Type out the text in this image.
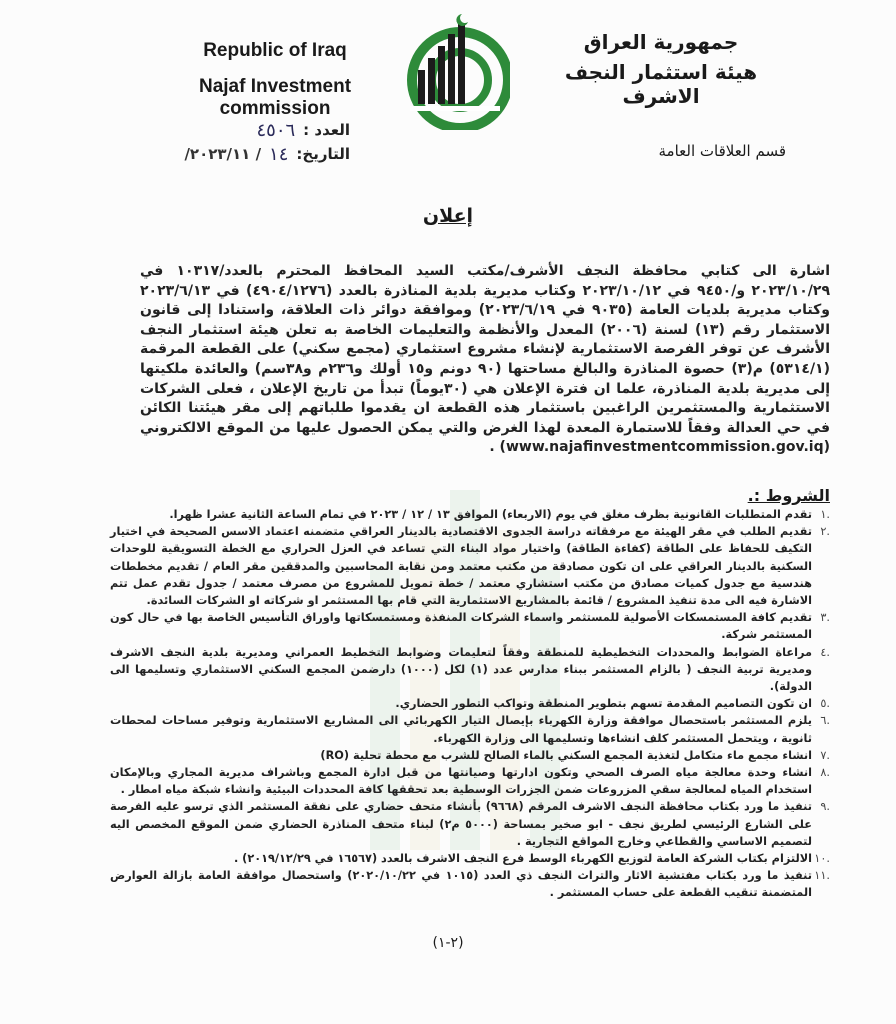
Republic of Iraq
Najaf Investment commission
جمهورية العراق
هيئة استثمار النجف الاشرف
قسم العلاقات العامة
العدد :
٤٥٠٦
التاريخ:
١٤
/ ٢٠٢٣/١١/
إعلان
اشارة الى كتابي محافظة النجف الأشرف/مكتب السيد المحافظ المحترم بالعدد/١٠٣١٧ في ٢٠٢٣/١٠/٢٩ و/٩٤٥٠ في ٢٠٢٣/١٠/١٢ وكتاب مديرية بلدية المناذرة بالعدد (٤٩٠٤/١٢٧٦) في ٢٠٢٣/٦/١٣ وكتاب مديرية بلديات العامة (٩٠٣٥ في ٢٠٢٣/٦/١٩) وموافقة دوائر ذات العلاقة، واستنادا إلى قانون الاستثمار رقم (١٣) لسنة (٢٠٠٦) المعدل والأنظمة والتعليمات الخاصة به تعلن هيئة استثمار النجف الأشرف عن توفر الفرصة الاستثمارية لإنشاء مشروع استثماري (مجمع سكني) على القطعة المرقمة (٥٣١٤/١) م(٣) حصوة المناذرة والبالغ مساحتها (٩٠ دونم و١٥ أولك و٢٣٦م و٣٨سم) والعائدة ملكيتها إلى مديرية بلدية المناذرة، علما ان فترة الإعلان هي (٣٠يوماً) تبدأ من تاريخ الإعلان ، فعلى الشركات الاستثمارية والمستثمرين الراغبين باستثمار هذه القطعة ان يقدموا طلباتهم إلى مقر هيئتنا الكائن في حي العدالة وفقاً للاستمارة المعدة لهذا الغرض والتي يمكن الحصول عليها من الموقع الالكتروني (www.najafinvestmentcommission.gov.iq) .
الشروط :.
.١
تقدم المتطلبات القانونية بظرف مغلق في يوم (الاربعاء) الموافق ١٣ / ١٢ / ٢٠٢٣ في تمام الساعة الثانية عشرا ظهرا.
.٢
تقديم الطلب في مقر الهيئة مع مرفقاته دراسة الجدوى الاقتصادية بالدينار العراقي متضمنه اعتماد الاسس الصحيحة في اختيار التكيف للحفاظ على الطاقة (كفاءة الطاقة) واختيار مواد البناء التي تساعد في العزل الحراري مع الخطة التسويقية للوحدات السكنية بالدينار العراقي على ان تكون مصادقة من مكتب معتمد ومن نقابة المحاسبين والمدققين مقر العام / تقديم مخططات هندسية مع جدول كميات مصادق من مكتب استشاري معتمد / خطة تمويل للمشروع من مصرف معتمد / جدول تقدم عمل تتم الاشارة فيه الى مدة تنفيذ المشروع / قائمة بالمشاريع الاستثمارية التي قام بها المستثمر او شركاته او الشركات السائدة.
.٣
تقديم كافة المستمسكات الأصولية للمستثمر واسماء الشركات المنفذة ومستمسكاتها واوراق التأسيس الخاصة بها في حال كون المستثمر شركة.
.٤
مراعاة الضوابط والمحددات التخطيطية للمنطقة وفقاً لتعليمات وضوابط التخطيط العمراني ومديرية بلدية النجف الاشرف ومديرية تربية النجف ( بالزام المستثمر ببناء مدارس عدد (١) لكل (١٠٠٠) دارضمن المجمع السكني الاستثماري وتسليمها الى الدولة).
.٥
ان تكون التصاميم المقدمة تسهم بتطوير المنطقة وتواكب التطور الحضاري.
.٦
يلزم المستثمر باستحصال موافقة وزارة الكهرباء بإيصال التيار الكهربائي الى المشاريع الاستثمارية وتوفير مساحات لمحطات ثانوية ، ويتحمل المستثمر كلف انشاءها وتسليمها الى وزارة الكهرباء.
.٧
انشاء مجمع ماء متكامل لتغذية المجمع السكني بالماء الصالح للشرب مع محطة تحلية (RO)
.٨
انشاء وحدة معالجة مياه الصرف الصحي وتكون ادارتها وصيانتها من قبل ادارة المجمع وباشراف مديرية المجاري وبالإمكان استخدام المياه لمعالجة سقي المزروعات ضمن الجزرات الوسطية بعد تحققها كافة المحددات البيئية وانشاء شبكة مياه امطار .
.٩
تنفيذ ما ورد بكتاب محافظة النجف الاشرف المرقم (٩٦٦٨) بأنشاء متحف حضاري على نفقة المستثمر الذي ترسو عليه الفرصة على الشارع الرئيسي لطريق نجف - ابو صخير بمساحة (٥٠٠٠ م٢) لبناء متحف المناذرة الحضاري ضمن الموقع المخصص اليه لتصميم الاساسي والقطاعي وخارج المواقع التجارية .
.١٠
الالتزام بكتاب الشركة العامة لتوزيع الكهرباء الوسط فرع النجف الاشرف بالعدد (١٦٥٦٧ في ٢٠١٩/١٢/٢٩) .
.١١
تنفيذ ما ورد بكتاب مفتشية الاثار والتراث النجف ذي العدد (١٠١٥ في ٢٠٢٠/١٠/٢٢) واستحصال موافقة العامة بازالة العوارض المتضمنة تنقيب القطعة على حساب المستثمر .
(٢-١)
